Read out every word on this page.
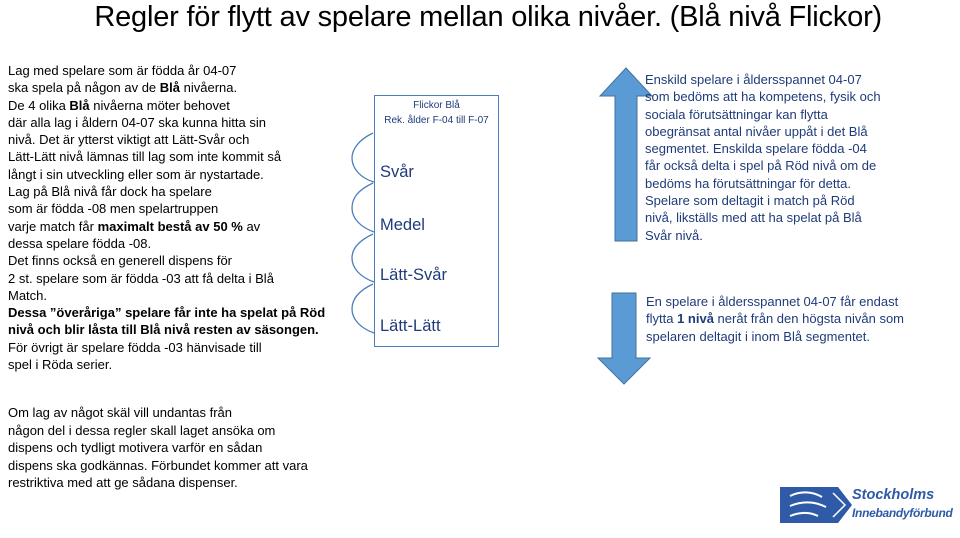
Regler för flytt av spelare mellan olika nivåer. (Blå nivå Flickor)

Lag med spelare som är födda år 04-07
ska spela på någon av de Blå nivåerna.
De 4 olika Blå nivåerna möter behovet
där alla lag i åldern 04-07 ska kunna hitta sin
nivå. Det är ytterst viktigt att Lätt-Svår och
Lätt-Lätt nivå lämnas till lag som inte kommit så
långt i sin utveckling eller som är nystartade.

Lag på Blå nivå får dock ha spelare
som är födda -08 men spelartruppen
varje match får maximalt bestå av 50 % av
dessa spelare födda -08.

Det finns också en generell dispens för
2 st. spelare som är födda -03 att få delta i Blå
Match.

Dessa ”överåriga” spelare får inte ha spelat på Röd
nivå och blir låsta till Blå nivå resten av säsongen.

För övrigt är spelare födda -03 hänvisade till
spel i Röda serier.

Om lag av något skäl vill undantas från
någon del i dessa regler skall laget ansöka om
dispens och tydligt motivera varför en sådan
dispens ska godkännas. Förbundet kommer att vara
restriktiva med att ge sådana dispenser.
Flickor Blå
Rek. ålder F-04 till F-07
Svår
Medel
Lätt-Svår
Lätt-Lätt
Enskild spelare i åldersspannet 04-07 som bedöms att ha kompetens, fysik och sociala förutsättningar kan flytta obegränsat antal nivåer uppåt i det Blå segmentet. Enskilda spelare födda -04 får också delta i spel på Röd nivå om de bedöms ha förutsättningar för detta. Spelare som deltagit i match på Röd nivå, likställs med att ha spelat på Blå Svår nivå.
En spelare i åldersspannet 04-07 får endast flytta 1 nivå neråt från den högsta nivån som spelaren deltagit i inom Blå segmentet.
Stockholms
Innebandyförbund
